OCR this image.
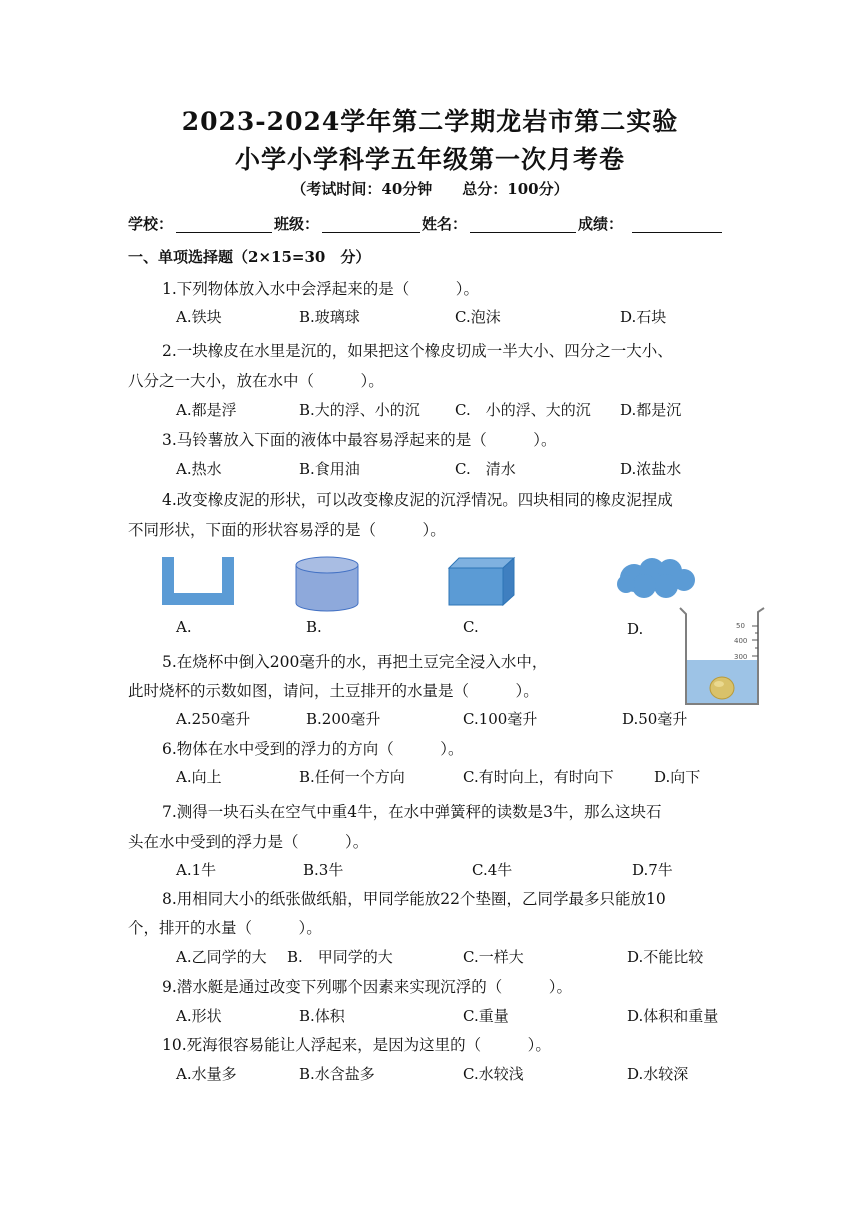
2023-2024学年第二学期龙岩市第二实验
小学小学科学五年级第一次月考卷
（考试时间：40分钟　　总分：100分）
学校：	班级：	姓名：	成绩：
一、单项选择题（2×15=30　分）
1.下列物体放入水中会浮起来的是（　　　）。
A.铁块	B.玻璃球	C.泡沫	D.石块
2.一块橡皮在水里是沉的，如果把这个橡皮切成一半大小、四分之一大小、
八分之一大小，放在水中（　　　）。
A.都是浮	B.大的浮、小的沉 C.　小的浮、大的沉 D.都是沉
3.马铃薯放入下面的液体中最容易浮起来的是（　　　）。
A.热水	B.食用油	C.　清水	D.浓盐水
4.改变橡皮泥的形状，可以改变橡皮泥的沉浮情况。四块相同的橡皮泥捏成
不同形状，下面的形状容易浮的是（　　　）。
A.	B.	C.	D.	50
400
300
5.在烧杯中倒入200毫升的水，再把土豆完全浸入水中，
此时烧杯的示数如图，请问，土豆排开的水量是（　　　）。
A.250毫升	B.200毫升	C.100毫升	D.50毫升
6.物体在水中受到的浮力的方向（　　　）。
A.向上	B.任何一个方向	C.有时向上，有时向下	D.向下
7.测得一块石头在空气中重4牛，在水中弹簧秤的读数是3牛，那么这块石
头在水中受到的浮力是（　　　）。
A.1牛	B.3牛	C.4牛	D.7牛
8.用相同大小的纸张做纸船，甲同学能放22个垫圈，乙同学最多只能放10
个，排开的水量（　　　）。
A.乙同学的大 B.　甲同学的大	C.一样大	D.不能比较
9.潜水艇是通过改变下列哪个因素来实现沉浮的（　　　）。
A.形状	B.体积	C.重量	D.体积和重量
10.死海很容易能让人浮起来，是因为这里的（　　　）。
A.水量多	B.水含盐多	C.水较浅	D.水较深
